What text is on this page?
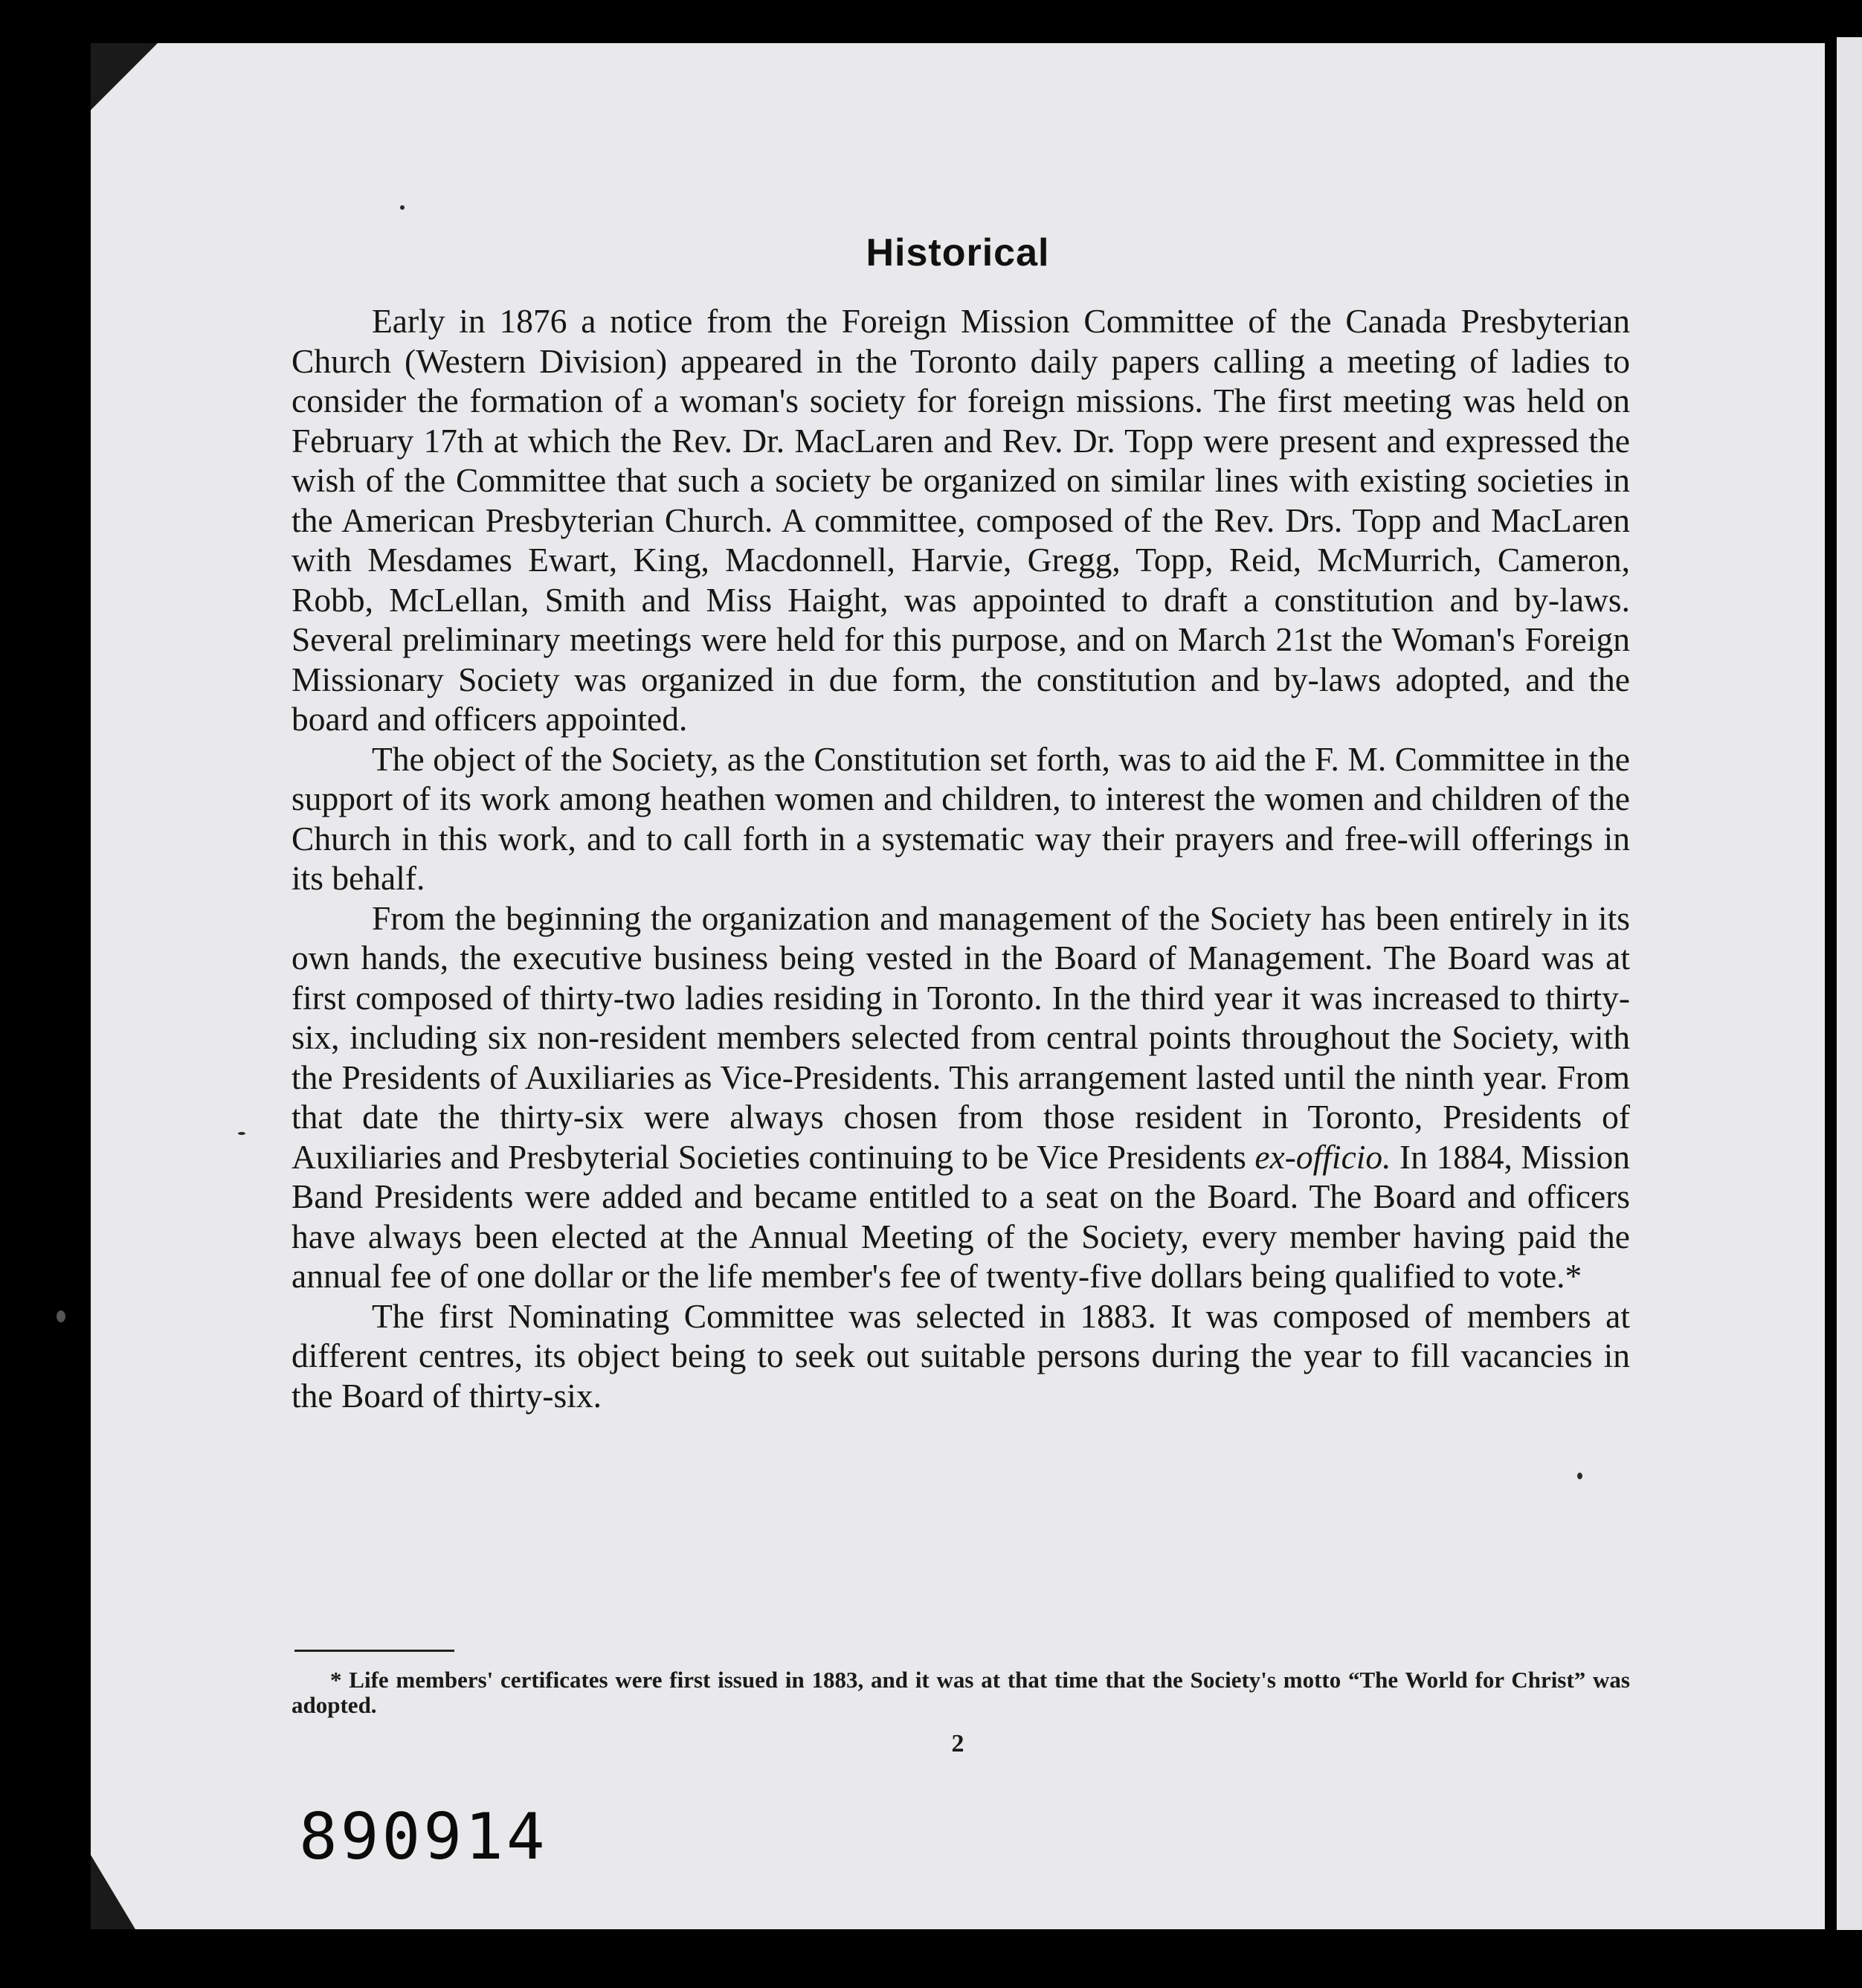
Historical

Early in 1876 a notice from the Foreign Mission Committee of the Canada Presbyterian Church (Western Division) appeared in the Toronto daily papers calling a meeting of ladies to consider the formation of a woman's society for foreign missions. The first meeting was held on February 17th at which the Rev. Dr. MacLaren and Rev. Dr. Topp were present and expressed the wish of the Committee that such a society be organized on similar lines with existing societies in the American Presbyterian Church. A committee, composed of the Rev. Drs. Topp and MacLaren with Mesdames Ewart, King, Macdonnell, Harvie, Gregg, Topp, Reid, McMurrich, Cameron, Robb, McLellan, Smith and Miss Haight, was appointed to draft a constitution and by-laws. Several preliminary meetings were held for this purpose, and on March 21st the Woman's Foreign Missionary Society was organized in due form, the constitution and by-laws adopted, and the board and officers appointed.

The object of the Society, as the Constitution set forth, was to aid the F. M. Committee in the support of its work among heathen women and children, to interest the women and children of the Church in this work, and to call forth in a systematic way their prayers and free-will offerings in its behalf.

From the beginning the organization and management of the Society has been entirely in its own hands, the executive business being vested in the Board of Management. The Board was at first composed of thirty-two ladies residing in Toronto. In the third year it was increased to thirty-six, including six non-resident members selected from central points throughout the Society, with the Presidents of Auxiliaries as Vice-Presidents. This arrangement lasted until the ninth year. From that date the thirty-six were always chosen from those resident in Toronto, Presidents of Auxiliaries and Presbyterial Societies continuing to be Vice Presidents ex-officio. In 1884, Mission Band Presidents were added and became entitled to a seat on the Board. The Board and officers have always been elected at the Annual Meeting of the Society, every member having paid the annual fee of one dollar or the life member's fee of twenty-five dollars being qualified to vote.*

The first Nominating Committee was selected in 1883. It was composed of members at different centres, its object being to seek out suitable persons during the year to fill vacancies in the Board of thirty-six.

* Life members' certificates were first issued in 1883, and it was at that time that the Society's motto “The World for Christ” was adopted.

2

890914
